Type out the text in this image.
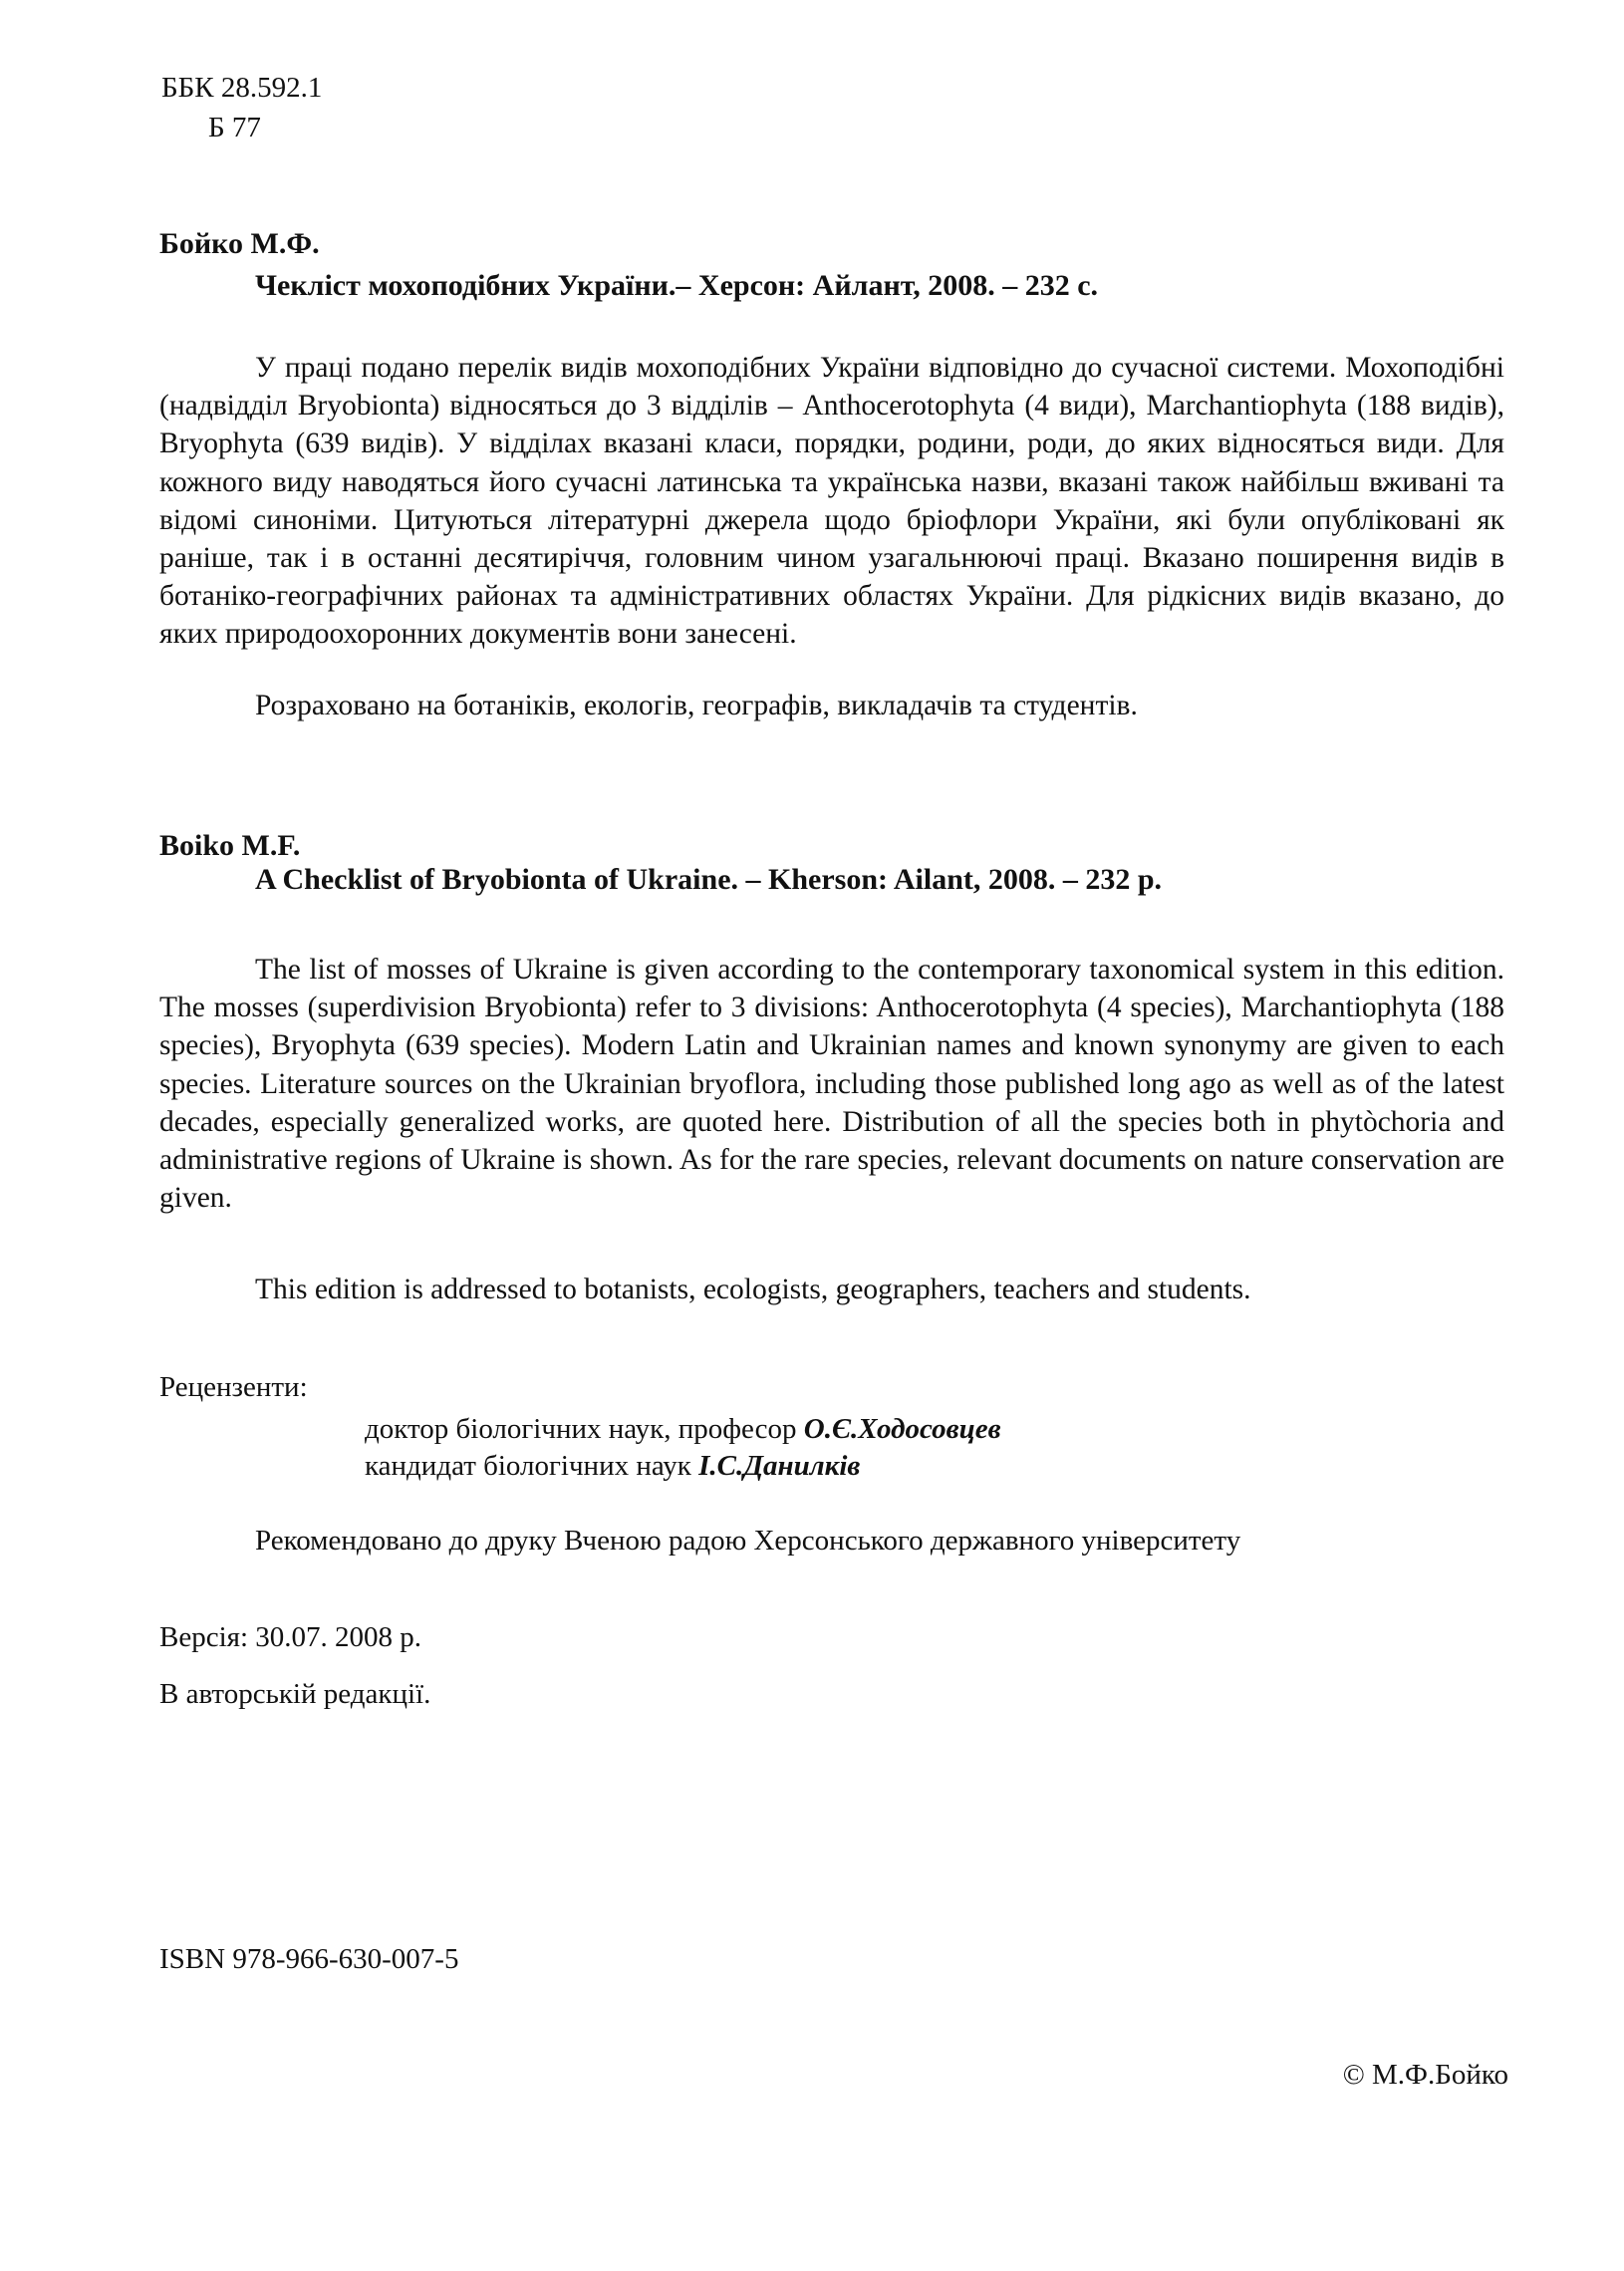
ББК 28.592.1
Б 77
Бойко М.Ф.
Чекліст мохоподібних України.– Херсон: Айлант, 2008. – 232 с.

У праці подано перелік видів мохоподібних України відповідно до сучасної системи. Мохоподібні (надвідділ Bryobionta) відносяться до 3 відділів – Anthocerotophyta (4 види), Marchantiophyta (188 видів), Bryophyta (639 видів). У відділах вказані класи, порядки, родини, роди, до яких відносяться види. Для кожного виду наводяться його сучасні латинська та українська назви, вказані також найбільш вживані та відомі синоніми. Цитуються літературні джерела щодо бріофлори України, які були опубліковані як раніше, так і в останні десятиріччя, головним чином узагальнюючі праці. Вказано поширення видів в ботаніко-географічних районах та адміністративних областях України. Для рідкісних видів вказано, до яких природоохоронних документів вони занесені.

Розраховано на ботаніків, екологів, географів, викладачів та студентів.
Boiko M.F.
A Checklist of Bryobionta of Ukraine. – Kherson: Ailant, 2008. – 232 p.

The list of mosses of Ukraine is given according to the contemporary taxonomical system in this edition. The mosses (superdivision Bryobionta) refer to 3 divisions: Anthocerotophyta (4 species), Marchantiophyta (188 species), Bryophyta (639 species). Modern Latin and Ukrainian names and known synonymy are given to each species. Literature sources on the Ukrainian bryoflora, including those published long ago as well as of the latest decades, especially generalized works, are quoted here. Distribution of all the species both in phytòchoria and administrative regions of Ukraine is shown. As for the rare species, relevant documents on nature conservation are given.

This edition is addressed to botanists, ecologists, geographers, teachers and students.
Рецензенти:
доктор біологічних наук, професор О.Є.Ходосовцев
кандидат біологічних наук І.С.Данилків
Рекомендовано до друку Вченою радою Херсонського державного університету
Версія: 30.07. 2008 р.
В авторській редакції.
ISBN 978-966-630-007-5
© М.Ф.Бойко
